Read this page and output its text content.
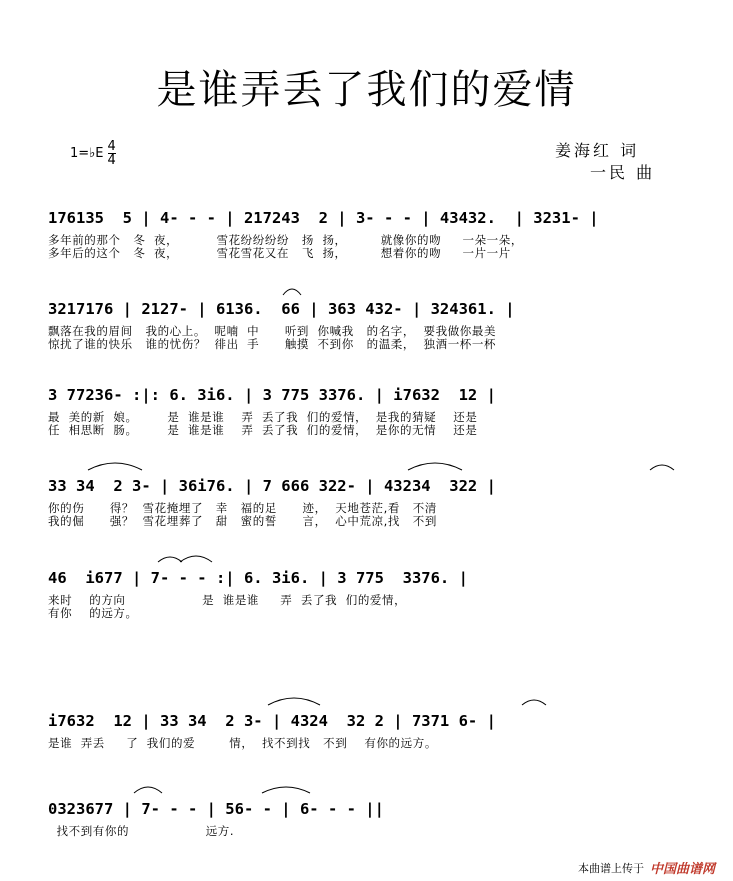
是谁弄丢了我们的爱情
1=♭E $\frac{4}{4}$	姜海红 词
一民 曲
176135  5 | 4- - - | 217243  2 | 3- - - | 43432.  | 3231- |
多年前的那个   冬  夜，         雪花纷纷纷纷   扬  扬，        就像你的吻     一朵一朵，
多年后的这个   冬  夜，         雪花雪花又在   飞  扬，        想着你的吻     一片一片
3217176 | 2127- | 6136.  66 | 363 432- | 324361. |
飘落在我的眉间   我的心上。  呢喃  中      听到  你喊我   的名字，  要我做你最美
惊扰了谁的快乐   谁的忧伤？  徘出  手      触摸  不到你   的温柔，  独酒一杯一杯
3 77236- :|: 6. 3i6. | 3 775 3376. | i7632  12 |
最  美的新  娘。       是  谁是谁    弄  丢了我  们的爱情，  是我的猜疑    还是
任  相思断  肠。       是  谁是谁    弄  丢了我  们的爱情，  是你的无情    还是
33 34  2 3- | 36i76. | 7 666 322- | 43234  322 |
你的伤      得？  雪花掩埋了   幸   福的足      迹，  天地苍茫,看   不清
我的倔      强？  雪花埋葬了   甜   蜜的誓      言，  心中荒凉,找   不到
46  i677 | 7- - - :| 6. 3i6. | 3 775  3376. |
来时    的方向                  是  谁是谁     弄  丢了我  们的爱情，
有你    的远方。
i7632  12 | 33 34  2 3- | 4324  32 2 | 7371 6- |
是谁  弄丢     了  我们的爱        情，  找不到找   不到    有你的远方。
0323677 | 7- - - | 56- - | 6- - - ||
找不到有你的                  远方.
本曲谱上传于 中国曲谱网
